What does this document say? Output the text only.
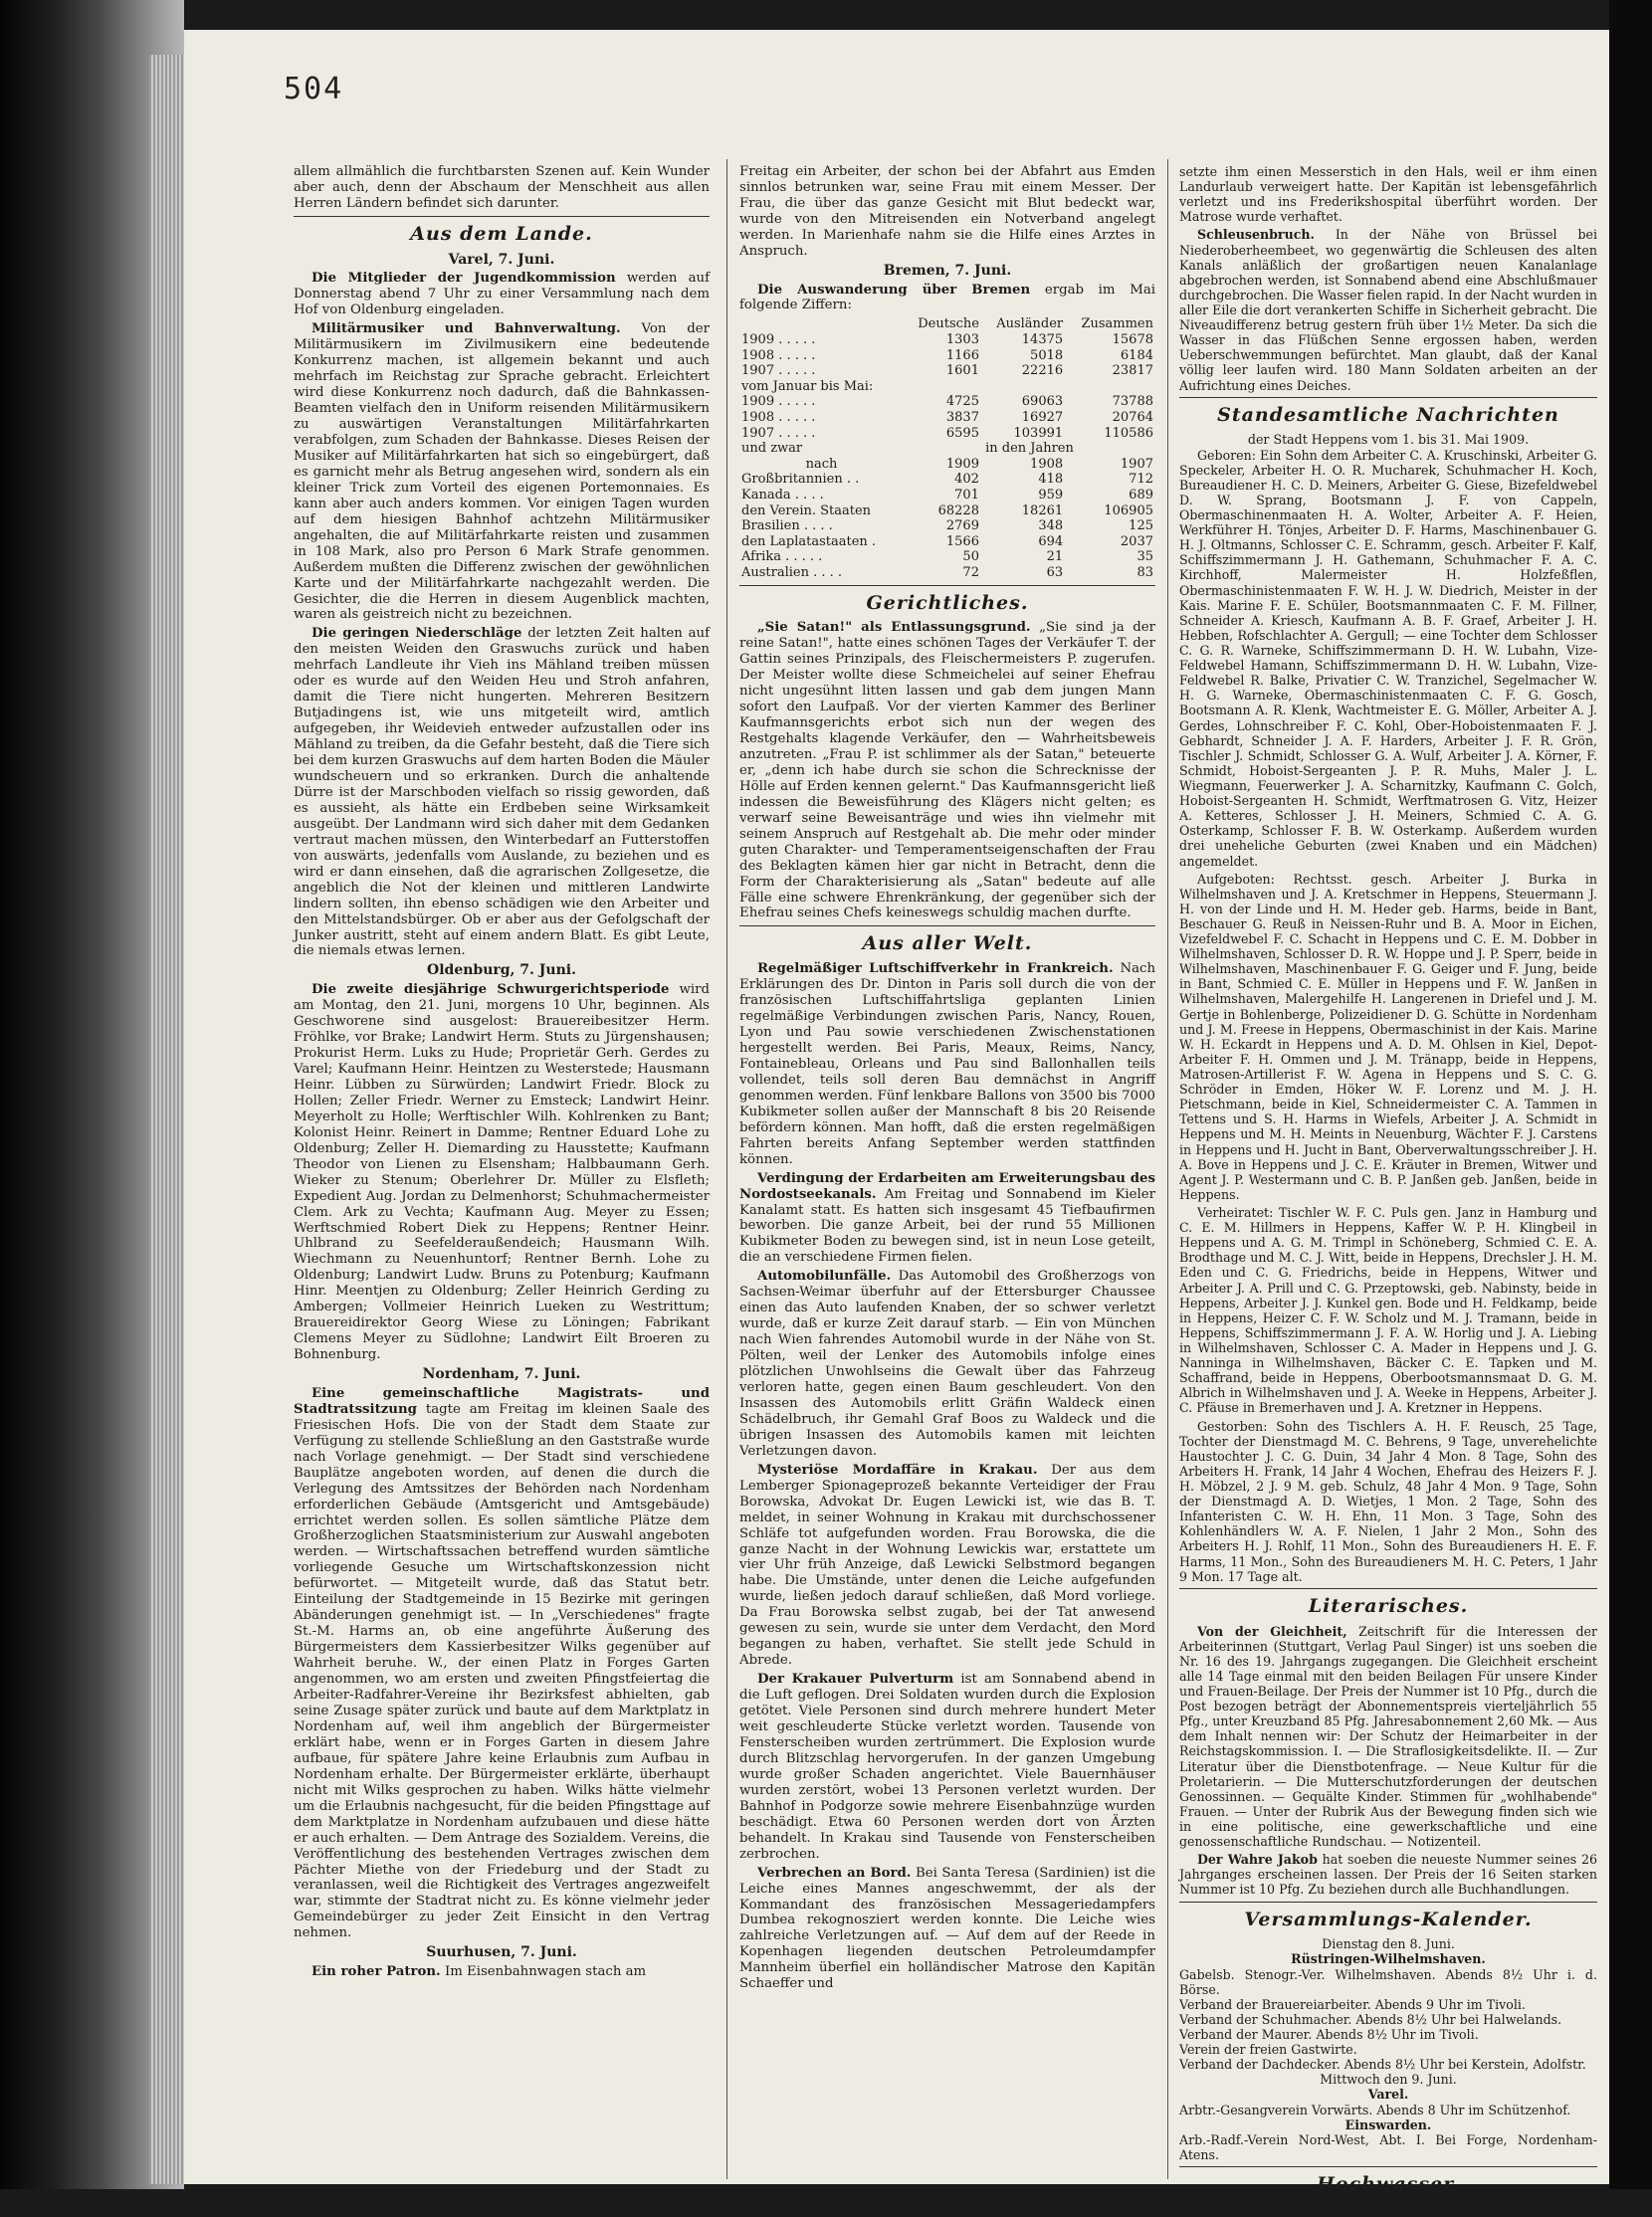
504

allem allmählich die furchtbarsten Szenen auf. Kein Wunder aber auch, denn der Abschaum der Menschheit aus allen Herren Ländern befindet sich darunter.

Aus dem Lande.
Varel, 7. Juni.

Die Mitglieder der Jugendkommission werden auf Donnerstag abend 7 Uhr zu einer Versammlung nach dem Hof von Oldenburg eingeladen.

Militärmusiker und Bahnverwaltung. Von der Militärmusikern im Zivilmusikern eine bedeutende Konkurrenz machen, ist allgemein bekannt und auch mehrfach im Reichstag zur Sprache gebracht. Erleichtert wird diese Konkurrenz noch dadurch, daß die Bahnkassen-Beamten vielfach den in Uniform reisenden Militärmusikern zu auswärtigen Veranstaltungen Militärfahrkarten verabfolgen, zum Schaden der Bahnkasse. Dieses Reisen der Musiker auf Militärfahrkarten hat sich so eingebürgert, daß es garnicht mehr als Betrug angesehen wird, sondern als ein kleiner Trick zum Vorteil des eigenen Portemonnaies. Es kann aber auch anders kommen. Vor einigen Tagen wurden auf dem hiesigen Bahnhof achtzehn Militärmusiker angehalten, die auf Militärfahrkarte reisten und zusammen in 108 Mark, also pro Person 6 Mark Strafe genommen. Außerdem mußten die Differenz zwischen der gewöhnlichen Karte und der Militärfahrkarte nachgezahlt werden. Die Gesichter, die die Herren in diesem Augenblick machten, waren als geistreich nicht zu bezeichnen.

Die geringen Niederschläge der letzten Zeit halten auf den meisten Weiden den Graswuchs zurück und haben mehrfach Landleute ihr Vieh ins Mähland treiben müssen oder es wurde auf den Weiden Heu und Stroh anfahren, damit die Tiere nicht hungerten. Mehreren Besitzern Butjadingens ist, wie uns mitgeteilt wird, amtlich aufgegeben, ihr Weidevieh entweder aufzustallen oder ins Mähland zu treiben, da die Gefahr besteht, daß die Tiere sich bei dem kurzen Graswuchs auf dem harten Boden die Mäuler wundscheuern und so erkranken. Durch die anhaltende Dürre ist der Marschboden vielfach so rissig geworden, daß es aussieht, als hätte ein Erdbeben seine Wirksamkeit ausgeübt. Der Landmann wird sich daher mit dem Gedanken vertraut machen müssen, den Winterbedarf an Futterstoffen von auswärts, jedenfalls vom Auslande, zu beziehen und es wird er dann einsehen, daß die agrarischen Zollgesetze, die angeblich die Not der kleinen und mittleren Landwirte lindern sollten, ihn ebenso schädigen wie den Arbeiter und den Mittelstandsbürger. Ob er aber aus der Gefolgschaft der Junker austritt, steht auf einem andern Blatt. Es gibt Leute, die niemals etwas lernen.

Oldenburg, 7. Juni.

Die zweite diesjährige Schwurgerichtsperiode wird am Montag, den 21. Juni, morgens 10 Uhr, beginnen. Als Geschworene sind ausgelost: Brauereibesitzer Herm. Fröhlke, vor Brake; Landwirt Herm. Stuts zu Jürgenshausen; Prokurist Herm. Luks zu Hude; Proprietär Gerh. Gerdes zu Varel; Kaufmann Heinr. Heintzen zu Westerstede; Hausmann Heinr. Lübben zu Sürwürden; Landwirt Friedr. Block zu Hollen; Zeller Friedr. Werner zu Emsteck; Landwirt Heinr. Meyerholt zu Holle; Werftischler Wilh. Kohlrenken zu Bant; Kolonist Heinr. Reinert in Damme; Rentner Eduard Lohe zu Oldenburg; Zeller H. Diemarding zu Hausstette; Kaufmann Theodor von Lienen zu Elsensham; Halbbaumann Gerh. Wieker zu Stenum; Oberlehrer Dr. Müller zu Elsfleth; Expedient Aug. Jordan zu Delmenhorst; Schuhmachermeister Clem. Ark zu Vechta; Kaufmann Aug. Meyer zu Essen; Werftschmied Robert Diek zu Heppens; Rentner Heinr. Uhlbrand zu Seefelderaußendeich; Hausmann Wilh. Wiechmann zu Neuenhuntorf; Rentner Bernh. Lohe zu Oldenburg; Landwirt Ludw. Bruns zu Potenburg; Kaufmann Hinr. Meentjen zu Oldenburg; Zeller Heinrich Gerding zu Ambergen; Vollmeier Heinrich Lueken zu Westrittum; Brauereidirektor Georg Wiese zu Löningen; Fabrikant Clemens Meyer zu Südlohne; Landwirt Eilt Broeren zu Bohnenburg.

Nordenham, 7. Juni.

Eine gemeinschaftliche Magistrats- und Stadtratssitzung tagte am Freitag im kleinen Saale des Friesischen Hofs. Die von der Stadt dem Staate zur Verfügung zu stellende Schließlung an den Gaststraße wurde nach Vorlage genehmigt. — Der Stadt sind verschiedene Bauplätze angeboten worden, auf denen die durch die Verlegung des Amtssitzes der Behörden nach Nordenham erforderlichen Gebäude (Amtsgericht und Amtsgebäude) errichtet werden sollen. Es sollen sämtliche Plätze dem Großherzoglichen Staatsministerium zur Auswahl angeboten werden. — Wirtschaftssachen betreffend wurden sämtliche vorliegende Gesuche um Wirtschaftskonzession nicht befürwortet. — Mitgeteilt wurde, daß das Statut betr. Einteilung der Stadtgemeinde in 15 Bezirke mit geringen Abänderungen genehmigt ist. — In „Verschiedenes" fragte St.-M. Harms an, ob eine angeführte Äußerung des Bürgermeisters dem Kassierbesitzer Wilks gegenüber auf Wahrheit beruhe. W., der einen Platz in Forges Garten angenommen, wo am ersten und zweiten Pfingstfeiertag die Arbeiter-Radfahrer-Vereine ihr Bezirksfest abhielten, gab seine Zusage später zurück und baute auf dem Marktplatz in Nordenham auf, weil ihm angeblich der Bürgermeister erklärt habe, wenn er in Forges Garten in diesem Jahre aufbaue, für spätere Jahre keine Erlaubnis zum Aufbau in Nordenham erhalte. Der Bürgermeister erklärte, überhaupt nicht mit Wilks gesprochen zu haben. Wilks hätte vielmehr um die Erlaubnis nachgesucht, für die beiden Pfingsttage auf dem Marktplatze in Nordenham aufzubauen und diese hätte er auch erhalten. — Dem Antrage des Sozialdem. Vereins, die Veröffentlichung des bestehenden Vertrages zwischen dem Pächter Miethe von der Friedeburg und der Stadt zu veranlassen, weil die Richtigkeit des Vertrages angezweifelt war, stimmte der Stadtrat nicht zu. Es könne vielmehr jeder Gemeindebürger zu jeder Zeit Einsicht in den Vertrag nehmen.

Suurhusen, 7. Juni.

Ein roher Patron. Im Eisenbahnwagen stach am

Freitag ein Arbeiter, der schon bei der Abfahrt aus Emden sinnlos betrunken war, seine Frau mit einem Messer. Der Frau, die über das ganze Gesicht mit Blut bedeckt war, wurde von den Mitreisenden ein Notverband angelegt werden. In Marienhafe nahm sie die Hilfe eines Arztes in Anspruch.

Bremen, 7. Juni.

Die Auswanderung über Bremen ergab im Mai folgende Ziffern:

	Deutsche	Ausländer	Zusammen
1909 . . . . .	1303	14375	15678
1908 . . . . .	1166	5018	6184
1907 . . . . .	1601	22216	23817
vom Januar bis Mai:			
1909 . . . . .	4725	69063	73788
1908 . . . . .	3837	16927	20764
1907 . . . . .	6595	103991	110586
und zwar	in den Jahren		
nach	1909	1908	1907
Großbritannien . .	402	418	712
Kanada . . . .	701	959	689
den Verein. Staaten	68228	18261	106905
Brasilien . . . .	2769	348	125
den Laplatastaaten .	1566	694	2037
Afrika . . . . .	50	21	35
Australien . . . .	72	63	83
Gerichtliches.

„Sie Satan!" als Entlassungsgrund. „Sie sind ja der reine Satan!", hatte eines schönen Tages der Verkäufer T. der Gattin seines Prinzipals, des Fleischermeisters P. zugerufen. Der Meister wollte diese Schmeichelei auf seiner Ehefrau nicht ungesühnt litten lassen und gab dem jungen Mann sofort den Laufpaß. Vor der vierten Kammer des Berliner Kaufmannsgerichts erbot sich nun der wegen des Restgehalts klagende Verkäufer, den — Wahrheitsbeweis anzutreten. „Frau P. ist schlimmer als der Satan," beteuerte er, „denn ich habe durch sie schon die Schrecknisse der Hölle auf Erden kennen gelernt." Das Kaufmannsgericht ließ indessen die Beweisführung des Klägers nicht gelten; es verwarf seine Beweisanträge und wies ihn vielmehr mit seinem Anspruch auf Restgehalt ab. Die mehr oder minder guten Charakter- und Temperamentseigenschaften der Frau des Beklagten kämen hier gar nicht in Betracht, denn die Form der Charakterisierung als „Satan" bedeute auf alle Fälle eine schwere Ehrenkränkung, der gegenüber sich der Ehefrau seines Chefs keineswegs schuldig machen durfte.

Aus aller Welt.

Regelmäßiger Luftschiffverkehr in Frankreich. Nach Erklärungen des Dr. Dinton in Paris soll durch die von der französischen Luftschiffahrtsliga geplanten Linien regelmäßige Verbindungen zwischen Paris, Nancy, Rouen, Lyon und Pau sowie verschiedenen Zwischenstationen hergestellt werden. Bei Paris, Meaux, Reims, Nancy, Fontainebleau, Orleans und Pau sind Ballonhallen teils vollendet, teils soll deren Bau demnächst in Angriff genommen werden. Fünf lenkbare Ballons von 3500 bis 7000 Kubikmeter sollen außer der Mannschaft 8 bis 20 Reisende befördern können. Man hofft, daß die ersten regelmäßigen Fahrten bereits Anfang September werden stattfinden können.

Verdingung der Erdarbeiten am Erweiterungsbau des Nordostseekanals. Am Freitag und Sonnabend im Kieler Kanalamt statt. Es hatten sich insgesamt 45 Tiefbaufirmen beworben. Die ganze Arbeit, bei der rund 55 Millionen Kubikmeter Boden zu bewegen sind, ist in neun Lose geteilt, die an verschiedene Firmen fielen.

Automobilunfälle. Das Automobil des Großherzogs von Sachsen-Weimar überfuhr auf der Ettersburger Chaussee einen das Auto laufenden Knaben, der so schwer verletzt wurde, daß er kurze Zeit darauf starb. — Ein von München nach Wien fahrendes Automobil wurde in der Nähe von St. Pölten, weil der Lenker des Automobils infolge eines plötzlichen Unwohlseins die Gewalt über das Fahrzeug verloren hatte, gegen einen Baum geschleudert. Von den Insassen des Automobils erlitt Gräfin Waldeck einen Schädelbruch, ihr Gemahl Graf Boos zu Waldeck und die übrigen Insassen des Automobils kamen mit leichten Verletzungen davon.

Mysteriöse Mordaffäre in Krakau. Der aus dem Lemberger Spionageprozeß bekannte Verteidiger der Frau Borowska, Advokat Dr. Eugen Lewicki ist, wie das B. T. meldet, in seiner Wohnung in Krakau mit durchschossener Schläfe tot aufgefunden worden. Frau Borowska, die die ganze Nacht in der Wohnung Lewickis war, erstattete um vier Uhr früh Anzeige, daß Lewicki Selbstmord begangen habe. Die Umstände, unter denen die Leiche aufgefunden wurde, ließen jedoch darauf schließen, daß Mord vorliege. Da Frau Borowska selbst zugab, bei der Tat anwesend gewesen zu sein, wurde sie unter dem Verdacht, den Mord begangen zu haben, verhaftet. Sie stellt jede Schuld in Abrede.

Der Krakauer Pulverturm ist am Sonnabend abend in die Luft geflogen. Drei Soldaten wurden durch die Explosion getötet. Viele Personen sind durch mehrere hundert Meter weit geschleuderte Stücke verletzt worden. Tausende von Fensterscheiben wurden zertrümmert. Die Explosion wurde durch Blitzschlag hervorgerufen. In der ganzen Umgebung wurde großer Schaden angerichtet. Viele Bauernhäuser wurden zerstört, wobei 13 Personen verletzt wurden. Der Bahnhof in Podgorze sowie mehrere Eisenbahnzüge wurden beschädigt. Etwa 60 Personen werden dort von Ärzten behandelt. In Krakau sind Tausende von Fensterscheiben zerbrochen.

Verbrechen an Bord. Bei Santa Teresa (Sardinien) ist die Leiche eines Mannes angeschwemmt, der als der Kommandant des französischen Messageriedampfers Dumbea rekognosziert werden konnte. Die Leiche wies zahlreiche Verletzungen auf. — Auf dem auf der Reede in Kopenhagen liegenden deutschen Petroleumdampfer Mannheim überfiel ein holländischer Matrose den Kapitän Schaeffer und

setzte ihm einen Messerstich in den Hals, weil er ihm einen Landurlaub verweigert hatte. Der Kapitän ist lebensgefährlich verletzt und ins Frederikshospital überführt worden. Der Matrose wurde verhaftet.

Schleusenbruch. In der Nähe von Brüssel bei Niederoberheembeet, wo gegenwärtig die Schleusen des alten Kanals anläßlich der großartigen neuen Kanalanlage abgebrochen werden, ist Sonnabend abend eine Abschlußmauer durchgebrochen. Die Wasser fielen rapid. In der Nacht wurden in aller Eile die dort verankerten Schiffe in Sicherheit gebracht. Die Niveaudifferenz betrug gestern früh über 1½ Meter. Da sich die Wasser in das Flüßchen Senne ergossen haben, werden Ueberschwemmungen befürchtet. Man glaubt, daß der Kanal völlig leer laufen wird. 180 Mann Soldaten arbeiten an der Aufrichtung eines Deiches.

Standesamtliche Nachrichten
der Stadt Heppens vom 1. bis 31. Mai 1909.

Geboren: Ein Sohn dem Arbeiter C. A. Kruschinski, Arbeiter G. Speckeler, Arbeiter H. O. R. Mucharek, Schuhmacher H. Koch, Bureaudiener H. C. D. Meiners, Arbeiter G. Giese, Bizefeldwebel D. W. Sprang, Bootsmann J. F. von Cappeln, Obermaschinenmaaten H. A. Wolter, Arbeiter A. F. Heien, Werkführer H. Tönjes, Arbeiter D. F. Harms, Maschinenbauer G. H. J. Oltmanns, Schlosser C. E. Schramm, gesch. Arbeiter F. Kalf, Schiffszimmermann J. H. Gathemann, Schuhmacher F. A. C. Kirchhoff, Malermeister H. Holzfeßflen, Obermaschinistenmaaten F. W. H. J. W. Diedrich, Meister in der Kais. Marine F. E. Schüler, Bootsmannmaaten C. F. M. Fillner, Schneider A. Kriesch, Kaufmann A. B. F. Graef, Arbeiter J. H. Hebben, Rofschlachter A. Gergull; — eine Tochter dem Schlosser C. G. R. Warneke, Schiffszimmermann D. H. W. Lubahn, Vize-Feldwebel Hamann, Schiffszimmermann D. H. W. Lubahn, Vize-Feldwebel R. Balke, Privatier C. W. Tranzichel, Segelmacher W. H. G. Warneke, Obermaschinistenmaaten C. F. G. Gosch, Bootsmann A. R. Klenk, Wachtmeister E. G. Möller, Arbeiter A. J. Gerdes, Lohnschreiber F. C. Kohl, Ober-Hoboistenmaaten F. J. Gebhardt, Schneider J. A. F. Harders, Arbeiter J. F. R. Grön, Tischler J. Schmidt, Schlosser G. A. Wulf, Arbeiter J. A. Körner, F. Schmidt, Hoboist-Sergeanten J. P. R. Muhs, Maler J. L. Wiegmann, Feuerwerker J. A. Scharnitzky, Kaufmann C. Golch, Hoboist-Sergeanten H. Schmidt, Werftmatrosen G. Vitz, Heizer A. Ketteres, Schlosser J. H. Meiners, Schmied C. A. G. Osterkamp, Schlosser F. B. W. Osterkamp. Außerdem wurden drei uneheliche Geburten (zwei Knaben und ein Mädchen) angemeldet.

Aufgeboten: Rechtsst. gesch. Arbeiter J. Burka in Wilhelmshaven und J. A. Kretschmer in Heppens, Steuermann J. H. von der Linde und H. M. Heder geb. Harms, beide in Bant, Beschauer G. Reuß in Neissen-Ruhr und B. A. Moor in Eichen, Vizefeldwebel F. C. Schacht in Heppens und C. E. M. Dobber in Wilhelmshaven, Schlosser D. R. W. Hoppe und J. P. Sperr, beide in Wilhelmshaven, Maschinenbauer F. G. Geiger und F. Jung, beide in Bant, Schmied C. E. Müller in Heppens und F. W. Janßen in Wilhelmshaven, Malergehilfe H. Langerenen in Driefel und J. M. Gertje in Bohlenberge, Polizeidiener D. G. Schütte in Nordenham und J. M. Freese in Heppens, Obermaschinist in der Kais. Marine W. H. Eckardt in Heppens und A. D. M. Ohlsen in Kiel, Depot-Arbeiter F. H. Ommen und J. M. Tränapp, beide in Heppens, Matrosen-Artillerist F. W. Agena in Heppens und S. C. G. Schröder in Emden, Höker W. F. Lorenz und M. J. H. Pietschmann, beide in Kiel, Schneidermeister C. A. Tammen in Tettens und S. H. Harms in Wiefels, Arbeiter J. A. Schmidt in Heppens und M. H. Meints in Neuenburg, Wächter F. J. Carstens in Heppens und H. Jucht in Bant, Oberverwaltungsschreiber J. H. A. Bove in Heppens und J. C. E. Kräuter in Bremen, Witwer und Agent J. P. Westermann und C. B. P. Janßen geb. Janßen, beide in Heppens.

Verheiratet: Tischler W. F. C. Puls gen. Janz in Hamburg und C. E. M. Hillmers in Heppens, Kaffer W. P. H. Klingbeil in Heppens und A. G. M. Trimpl in Schöneberg, Schmied C. E. A. Brodthage und M. C. J. Witt, beide in Heppens, Drechsler J. H. M. Eden und C. G. Friedrichs, beide in Heppens, Witwer und Arbeiter J. A. Prill und C. G. Przeptowski, geb. Nabinsty, beide in Heppens, Arbeiter J. J. Kunkel gen. Bode und H. Feldkamp, beide in Heppens, Heizer C. F. W. Scholz und M. J. Tramann, beide in Heppens, Schiffszimmermann J. F. A. W. Horlig und J. A. Liebing in Wilhelmshaven, Schlosser C. A. Mader in Heppens und J. G. Nanninga in Wilhelmshaven, Bäcker C. E. Tapken und M. Schaffrand, beide in Heppens, Oberbootsmannsmaat D. G. M. Albrich in Wilhelmshaven und J. A. Weeke in Heppens, Arbeiter J. C. Pfäuse in Bremerhaven und J. A. Kretzner in Heppens.

Gestorben: Sohn des Tischlers A. H. F. Reusch, 25 Tage, Tochter der Dienstmagd M. C. Behrens, 9 Tage, unverehelichte Haustochter J. C. G. Duin, 34 Jahr 4 Mon. 8 Tage, Sohn des Arbeiters H. Frank, 14 Jahr 4 Wochen, Ehefrau des Heizers F. J. H. Möbzel, 2 J. 9 M. geb. Schulz, 48 Jahr 4 Mon. 9 Tage, Sohn der Dienstmagd A. D. Wietjes, 1 Mon. 2 Tage, Sohn des Infanteristen C. W. H. Ehn, 11 Mon. 3 Tage, Sohn des Kohlenhändlers W. A. F. Nielen, 1 Jahr 2 Mon., Sohn des Arbeiters H. J. Rohlf, 11 Mon., Sohn des Bureaudieners H. E. F. Harms, 11 Mon., Sohn des Bureaudieners M. H. C. Peters, 1 Jahr 9 Mon. 17 Tage alt.

Literarisches.

Von der Gleichheit, Zeitschrift für die Interessen der Arbeiterinnen (Stuttgart, Verlag Paul Singer) ist uns soeben die Nr. 16 des 19. Jahrgangs zugegangen. Die Gleichheit erscheint alle 14 Tage einmal mit den beiden Beilagen Für unsere Kinder und Frauen-Beilage. Der Preis der Nummer ist 10 Pfg., durch die Post bezogen beträgt der Abonnementspreis vierteljährlich 55 Pfg., unter Kreuzband 85 Pfg. Jahresabonnement 2,60 Mk. — Aus dem Inhalt nennen wir: Der Schutz der Heimarbeiter in der Reichstagskommission. I. — Die Straflosigkeitsdelikte. II. — Zur Literatur über die Dienstbotenfrage. — Neue Kultur für die Proletarierin. — Die Mutterschutzforderungen der deutschen Genossinnen. — Gequälte Kinder. Stimmen für „wohlhabende" Frauen. — Unter der Rubrik Aus der Bewegung finden sich wie in eine politische, eine gewerkschaftliche und eine genossenschaftliche Rundschau. — Notizenteil.

Der Wahre Jakob hat soeben die neueste Nummer seines 26 Jahrganges erscheinen lassen. Der Preis der 16 Seiten starken Nummer ist 10 Pfg. Zu beziehen durch alle Buchhandlungen.

Versammlungs-Kalender.
Dienstag den 8. Juni.
Rüstringen-Wilhelmshaven.
Gabelsb. Stenogr.-Ver. Wilhelmshaven. Abends 8½ Uhr i. d. Börse.
Verband der Brauereiarbeiter. Abends 9 Uhr im Tivoli.
Verband der Schuhmacher. Abends 8½ Uhr bei Halwelands.
Verband der Maurer. Abends 8½ Uhr im Tivoli.
Verein der freien Gastwirte.
Verband der Dachdecker. Abends 8½ Uhr bei Kerstein, Adolfstr.
Mittwoch den 9. Juni.
Varel.
Arbtr.-Gesangverein Vorwärts. Abends 8 Uhr im Schützenhof.
Einswarden.
Arb.-Radf.-Verein Nord-West, Abt. I. Bei Forge, Nordenham-Atens.
Hochwasser.
Dienstag, 8. Juni: vormittags 3.57, nachmittags 4.09
